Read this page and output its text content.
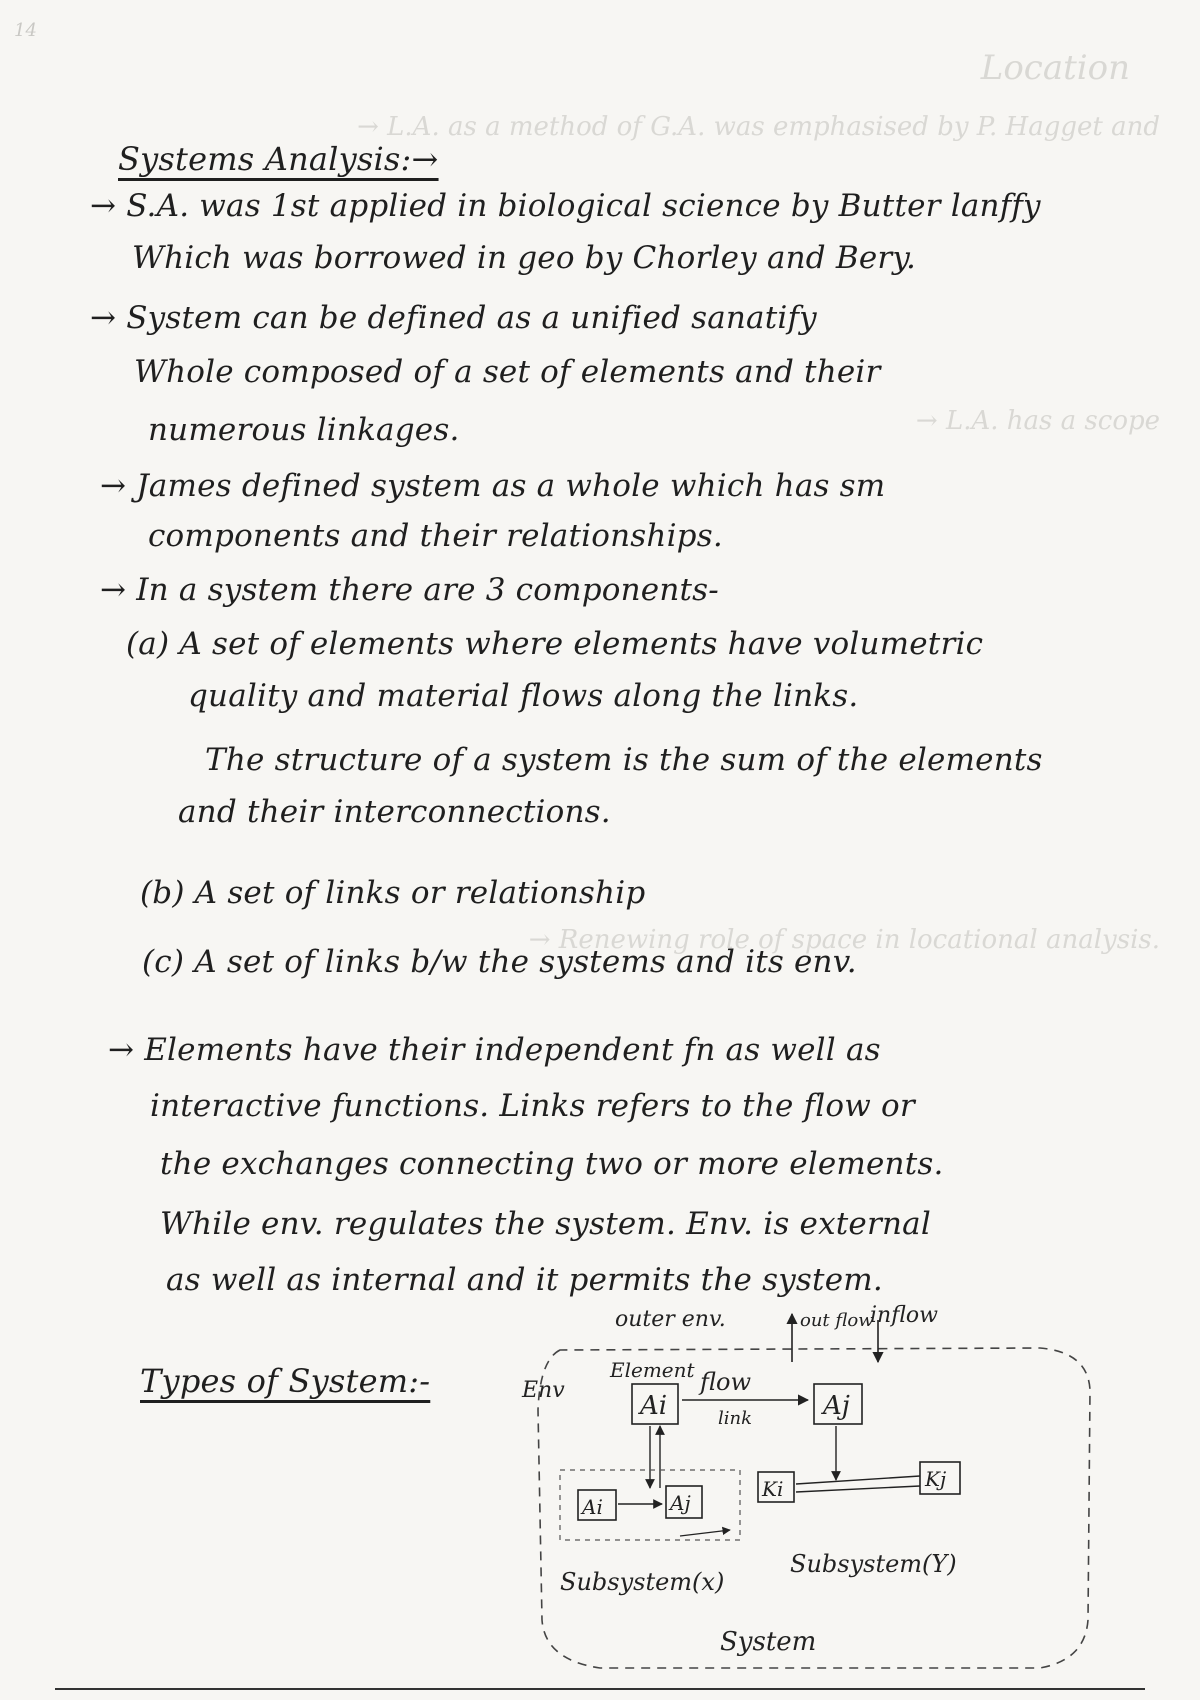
14
Location
→ L.A. as a method of G.A. was emphasised by P. Hagget and
→ L.A. has a scope
→ Renewing role of space in locational analysis.
Systems Analysis:→
→ S.A. was 1st applied in biological science by Butter lanffy
Which was borrowed in geo by Chorley and Bery.
→ System can be defined as a unified sanatify
Whole composed of a set of elements and their
numerous linkages.
→ James defined system as a whole which has sm
components and their relationships.
→ In a system there are 3 components-
(a) A set of elements where elements have volumetric
quality and material flows along the links.
The structure of a system is the sum of the elements
and their interconnections.
(b) A set of links or relationship
(c) A set of links b/w the systems and its env.
→ Elements have their independent fn as well as
interactive functions. Links refers to the flow or
the exchanges connecting two or more elements.
While env. regulates the system. Env. is external
as well as internal and it permits the system.
Types of System:-
outer env.	out flow
inflow
Env
Element
Ai
flow
link	Aj
Ai	Aj
Ki	Kj
Subsystem(x)
Subsystem(Y)
System
